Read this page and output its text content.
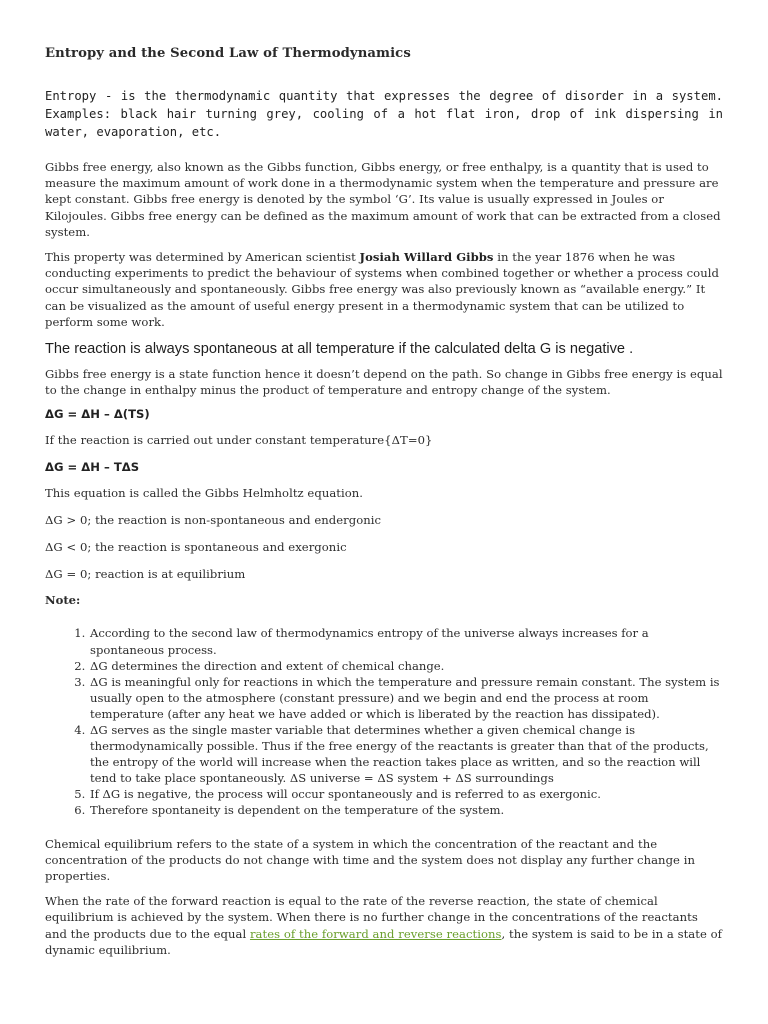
Entropy and the Second Law of Thermodynamics

Entropy - is the thermodynamic quantity that expresses the degree of disorder in a system. Examples: black hair turning grey, cooling of a hot flat iron, drop of ink dispersing in water, evaporation, etc.

Gibbs free energy, also known as the Gibbs function, Gibbs energy, or free enthalpy, is a quantity that is used to measure the maximum amount of work done in a thermodynamic system when the temperature and pressure are kept constant. Gibbs free energy is denoted by the symbol ‘G’. Its value is usually expressed in Joules or Kilojoules. Gibbs free energy can be defined as the maximum amount of work that can be extracted from a closed system.

This property was determined by American scientist Josiah Willard Gibbs in the year 1876 when he was conducting experiments to predict the behaviour of systems when combined together or whether a process could occur simultaneously and spontaneously. Gibbs free energy was also previously known as “available energy.” It can be visualized as the amount of useful energy present in a thermodynamic system that can be utilized to perform some work.

The reaction is always spontaneous at all temperature if the calculated delta G is negative .

Gibbs free energy is a state function hence it doesn’t depend on the path. So change in Gibbs free energy is equal to the change in enthalpy minus the product of temperature and entropy change of the system.

ΔG = ΔH – Δ(TS)

If the reaction is carried out under constant temperature{ΔT=0}

ΔG = ΔH – TΔS

This equation is called the Gibbs Helmholtz equation.

ΔG > 0; the reaction is non-spontaneous and endergonic

ΔG < 0; the reaction is spontaneous and exergonic

ΔG = 0; reaction is at equilibrium

Note:
1. According to the second law of thermodynamics entropy of the universe always increases for a spontaneous process.
2. ΔG determines the direction and extent of chemical change.
3. ΔG is meaningful only for reactions in which the temperature and pressure remain constant. The system is usually open to the atmosphere (constant pressure) and we begin and end the process at room temperature (after any heat we have added or which is liberated by the reaction has dissipated).
4. ΔG serves as the single master variable that determines whether a given chemical change is thermodynamically possible. Thus if the free energy of the reactants is greater than that of the products, the entropy of the world will increase when the reaction takes place as written, and so the reaction will tend to take place spontaneously. ΔS universe = ΔS system + ΔS surroundings
5. If ΔG is negative, the process will occur spontaneously and is referred to as exergonic.
6. Therefore spontaneity is dependent on the temperature of the system.

Chemical equilibrium refers to the state of a system in which the concentration of the reactant and the concentration of the products do not change with time and the system does not display any further change in properties.

When the rate of the forward reaction is equal to the rate of the reverse reaction, the state of chemical equilibrium is achieved by the system. When there is no further change in the concentrations of the reactants and the products due to the equal rates of the forward and reverse reactions, the system is said to be in a state of dynamic equilibrium.
